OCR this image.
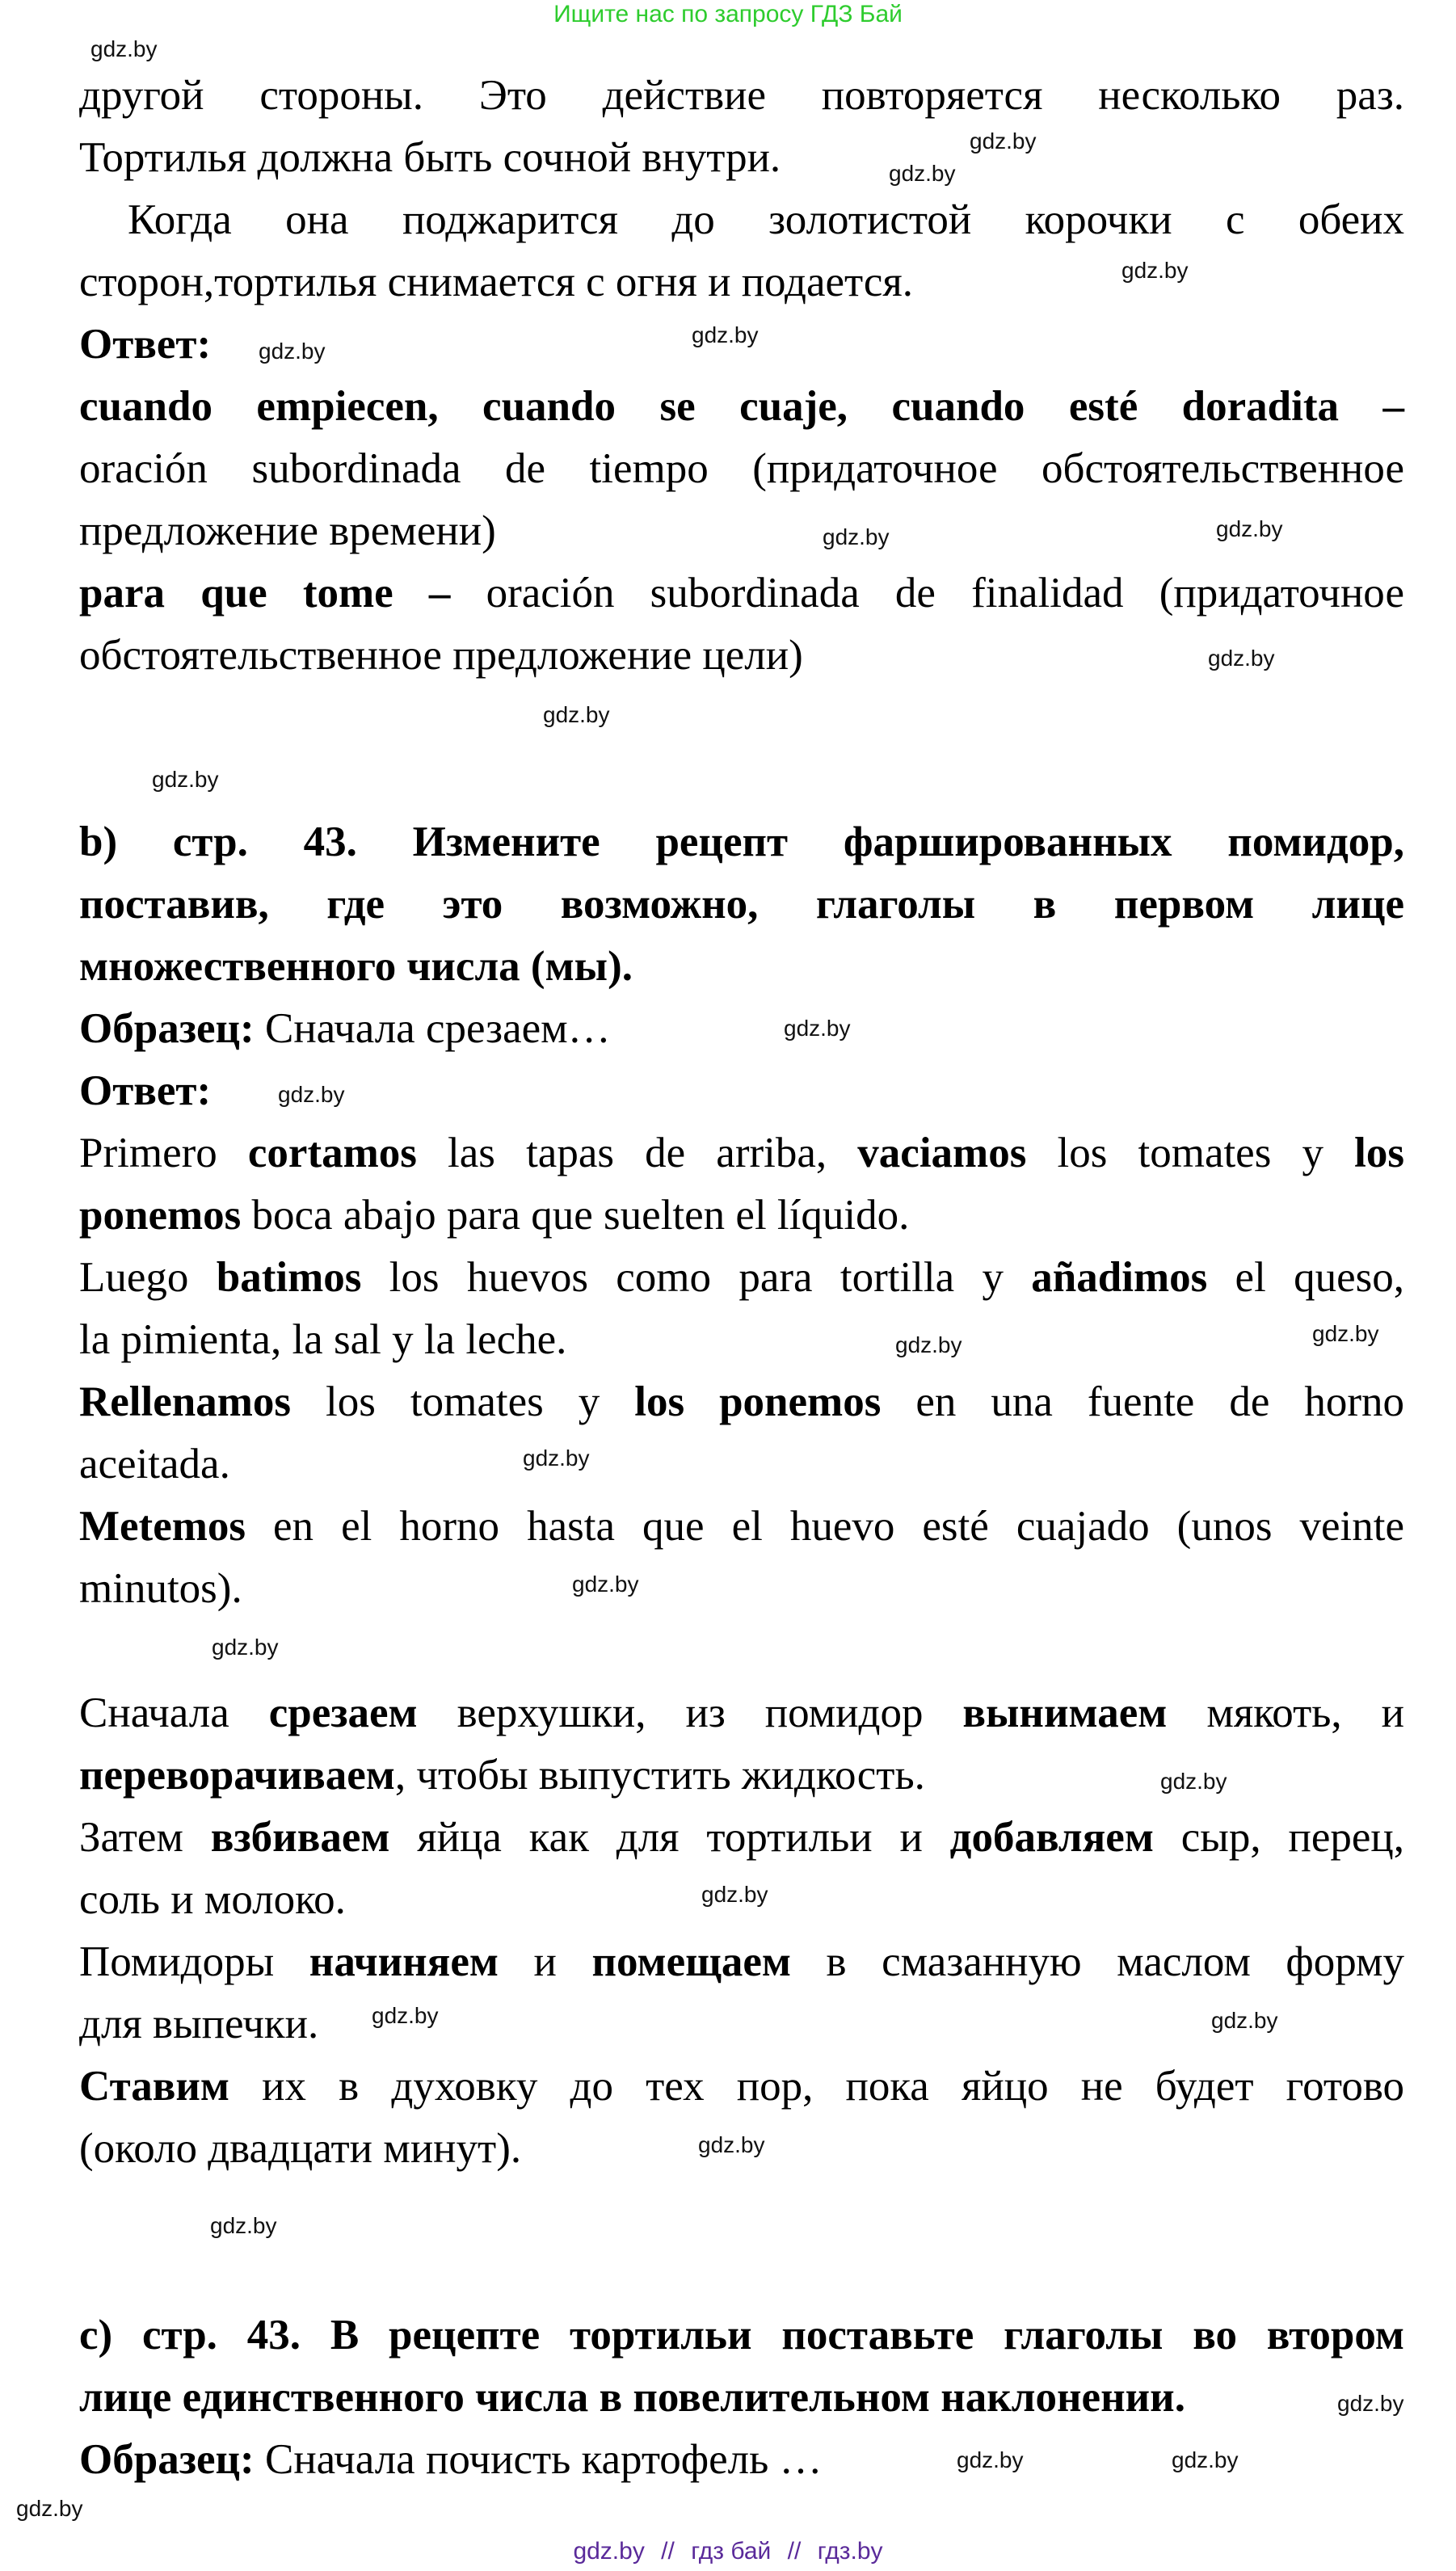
Ищите нас по запросу ГДЗ Бай
другой стороны. Это действие повторяется несколько раз.
Тортилья должна быть сочной внутри.
Когда она поджарится до золотистой корочки с обеих
сторон,тортилья снимается с огня и подается.
Ответ:
cuando empiecen, cuando se cuaje, cuando esté doradita –
oración subordinada de tiempo (придаточное обстоятельственное
предложение времени)
para que tome – oración subordinada de finalidad (придаточное
обстоятельственное предложение цели)
b) стр. 43. Измените рецепт фаршированных помидор,
поставив, где это возможно, глаголы в первом лице
множественного числа (мы).
Образец: Сначала срезаем…
Ответ:
Primero cortamos las tapas de arriba, vaciamos los tomates y los
ponemos boca abajo para que suelten el líquido.
Luego batimos los huevos como para tortilla y añadimos el queso,
la pimienta, la sal y la leche.
Rellenamos los tomates y los ponemos en una fuente de horno
aceitada.
Metemos en el horno hasta que el huevo esté cuajado (unos veinte
minutos).
Сначала срезаем верхушки, из помидор вынимаем мякоть, и
переворачиваем, чтобы выпустить жидкость.
Затем взбиваем яйца как для тортильи и добавляем сыр, перец,
соль и молоко.
Помидоры начиняем и помещаем в смазанную маслом форму
для выпечки.
Ставим их в духовку до тех пор, пока яйцо не будет готово
(около двадцати минут).
c) стр. 43. В рецепте тортильи поставьте глаголы во втором
лице единственного числа в повелительном наклонении.
Образец: Сначала почисть картофель …
gdz.by
gdz.by
gdz.by
gdz.by
gdz.by
gdz.by
gdz.by
gdz.by
gdz.by
gdz.by
gdz.by
gdz.by
gdz.by
gdz.by
gdz.by
gdz.by
gdz.by
gdz.by
gdz.by
gdz.by
gdz.by	gdz.by
gdz.by
gdz.by
gdz.by
gdz.by
gdz.by
gdz.by
gdz.by // гдз бай // гдз.by
